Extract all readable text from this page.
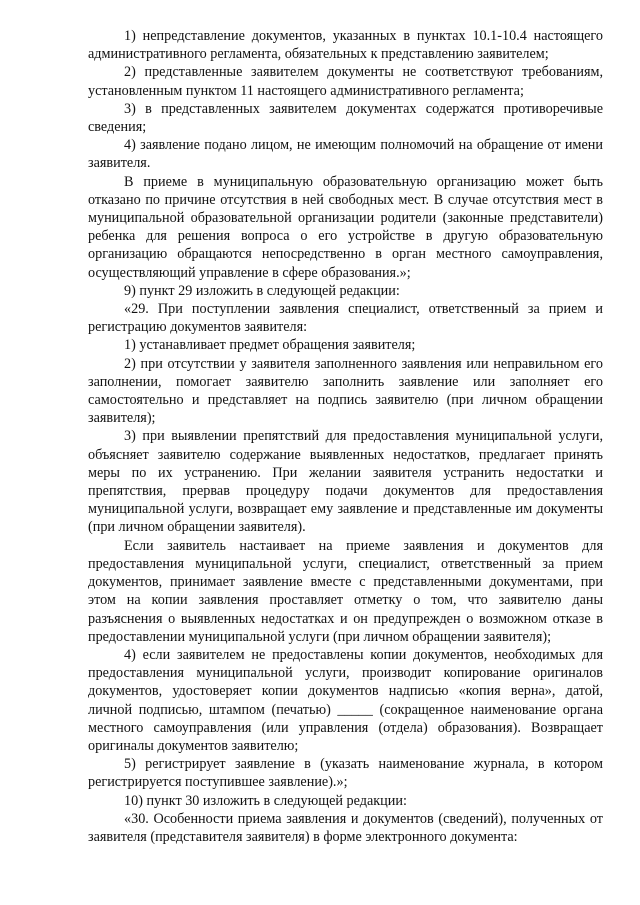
1) непредставление документов, указанных в пунктах 10.1-10.4 настоящего административного регламента, обязательных к представлению заявителем;

2) представленные заявителем документы не соответствуют требованиям, установленным пунктом 11 настоящего административного регламента;

3) в представленных заявителем документах содержатся противоречивые сведения;

4) заявление подано лицом, не имеющим полномочий на обращение от имени заявителя.

В приеме в муниципальную образовательную организацию может быть отказано по причине отсутствия в ней свободных мест. В случае отсутствия мест в муниципальной образовательной организации родители (законные представители) ребенка для решения вопроса о его устройстве в другую образовательную организацию обращаются непосредственно в орган местного самоуправления, осуществляющий управление в сфере образования.»;

9) пункт 29 изложить в следующей редакции:

«29. При поступлении заявления специалист, ответственный за прием и регистрацию документов заявителя:

1) устанавливает предмет обращения заявителя;

2) при отсутствии у заявителя заполненного заявления или неправильном его заполнении, помогает заявителю заполнить заявление или заполняет его самостоятельно и представляет на подпись заявителю (при личном обращении заявителя);

3) при выявлении препятствий для предоставления муниципальной услуги, объясняет заявителю содержание выявленных недостатков, предлагает принять меры по их устранению. При желании заявителя устранить недостатки и препятствия, прервав процедуру подачи документов для предоставления муниципальной услуги, возвращает ему заявление и представленные им документы (при личном обращении заявителя).

Если заявитель настаивает на приеме заявления и документов для предоставления муниципальной услуги, специалист, ответственный за прием документов, принимает заявление вместе с представленными документами, при этом на копии заявления проставляет отметку о том, что заявителю даны разъяснения о выявленных недостатках и он предупрежден о возможном отказе в предоставлении муниципальной услуги (при личном обращении заявителя);

4) если заявителем не предоставлены копии документов, необходимых для предоставления муниципальной услуги, производит копирование оригиналов документов, удостоверяет копии документов надписью «копия верна», датой, личной подписью, штампом (печатью) _____ (сокращенное наименование органа местного самоуправления (или управления (отдела) образования). Возвращает оригиналы документов заявителю;

5) регистрирует заявление в (указать наименование журнала, в котором регистрируется поступившее заявление).»;

10) пункт 30 изложить в следующей редакции:

«30. Особенности приема заявления и документов (сведений), полученных от заявителя (представителя заявителя) в форме электронного документа:
